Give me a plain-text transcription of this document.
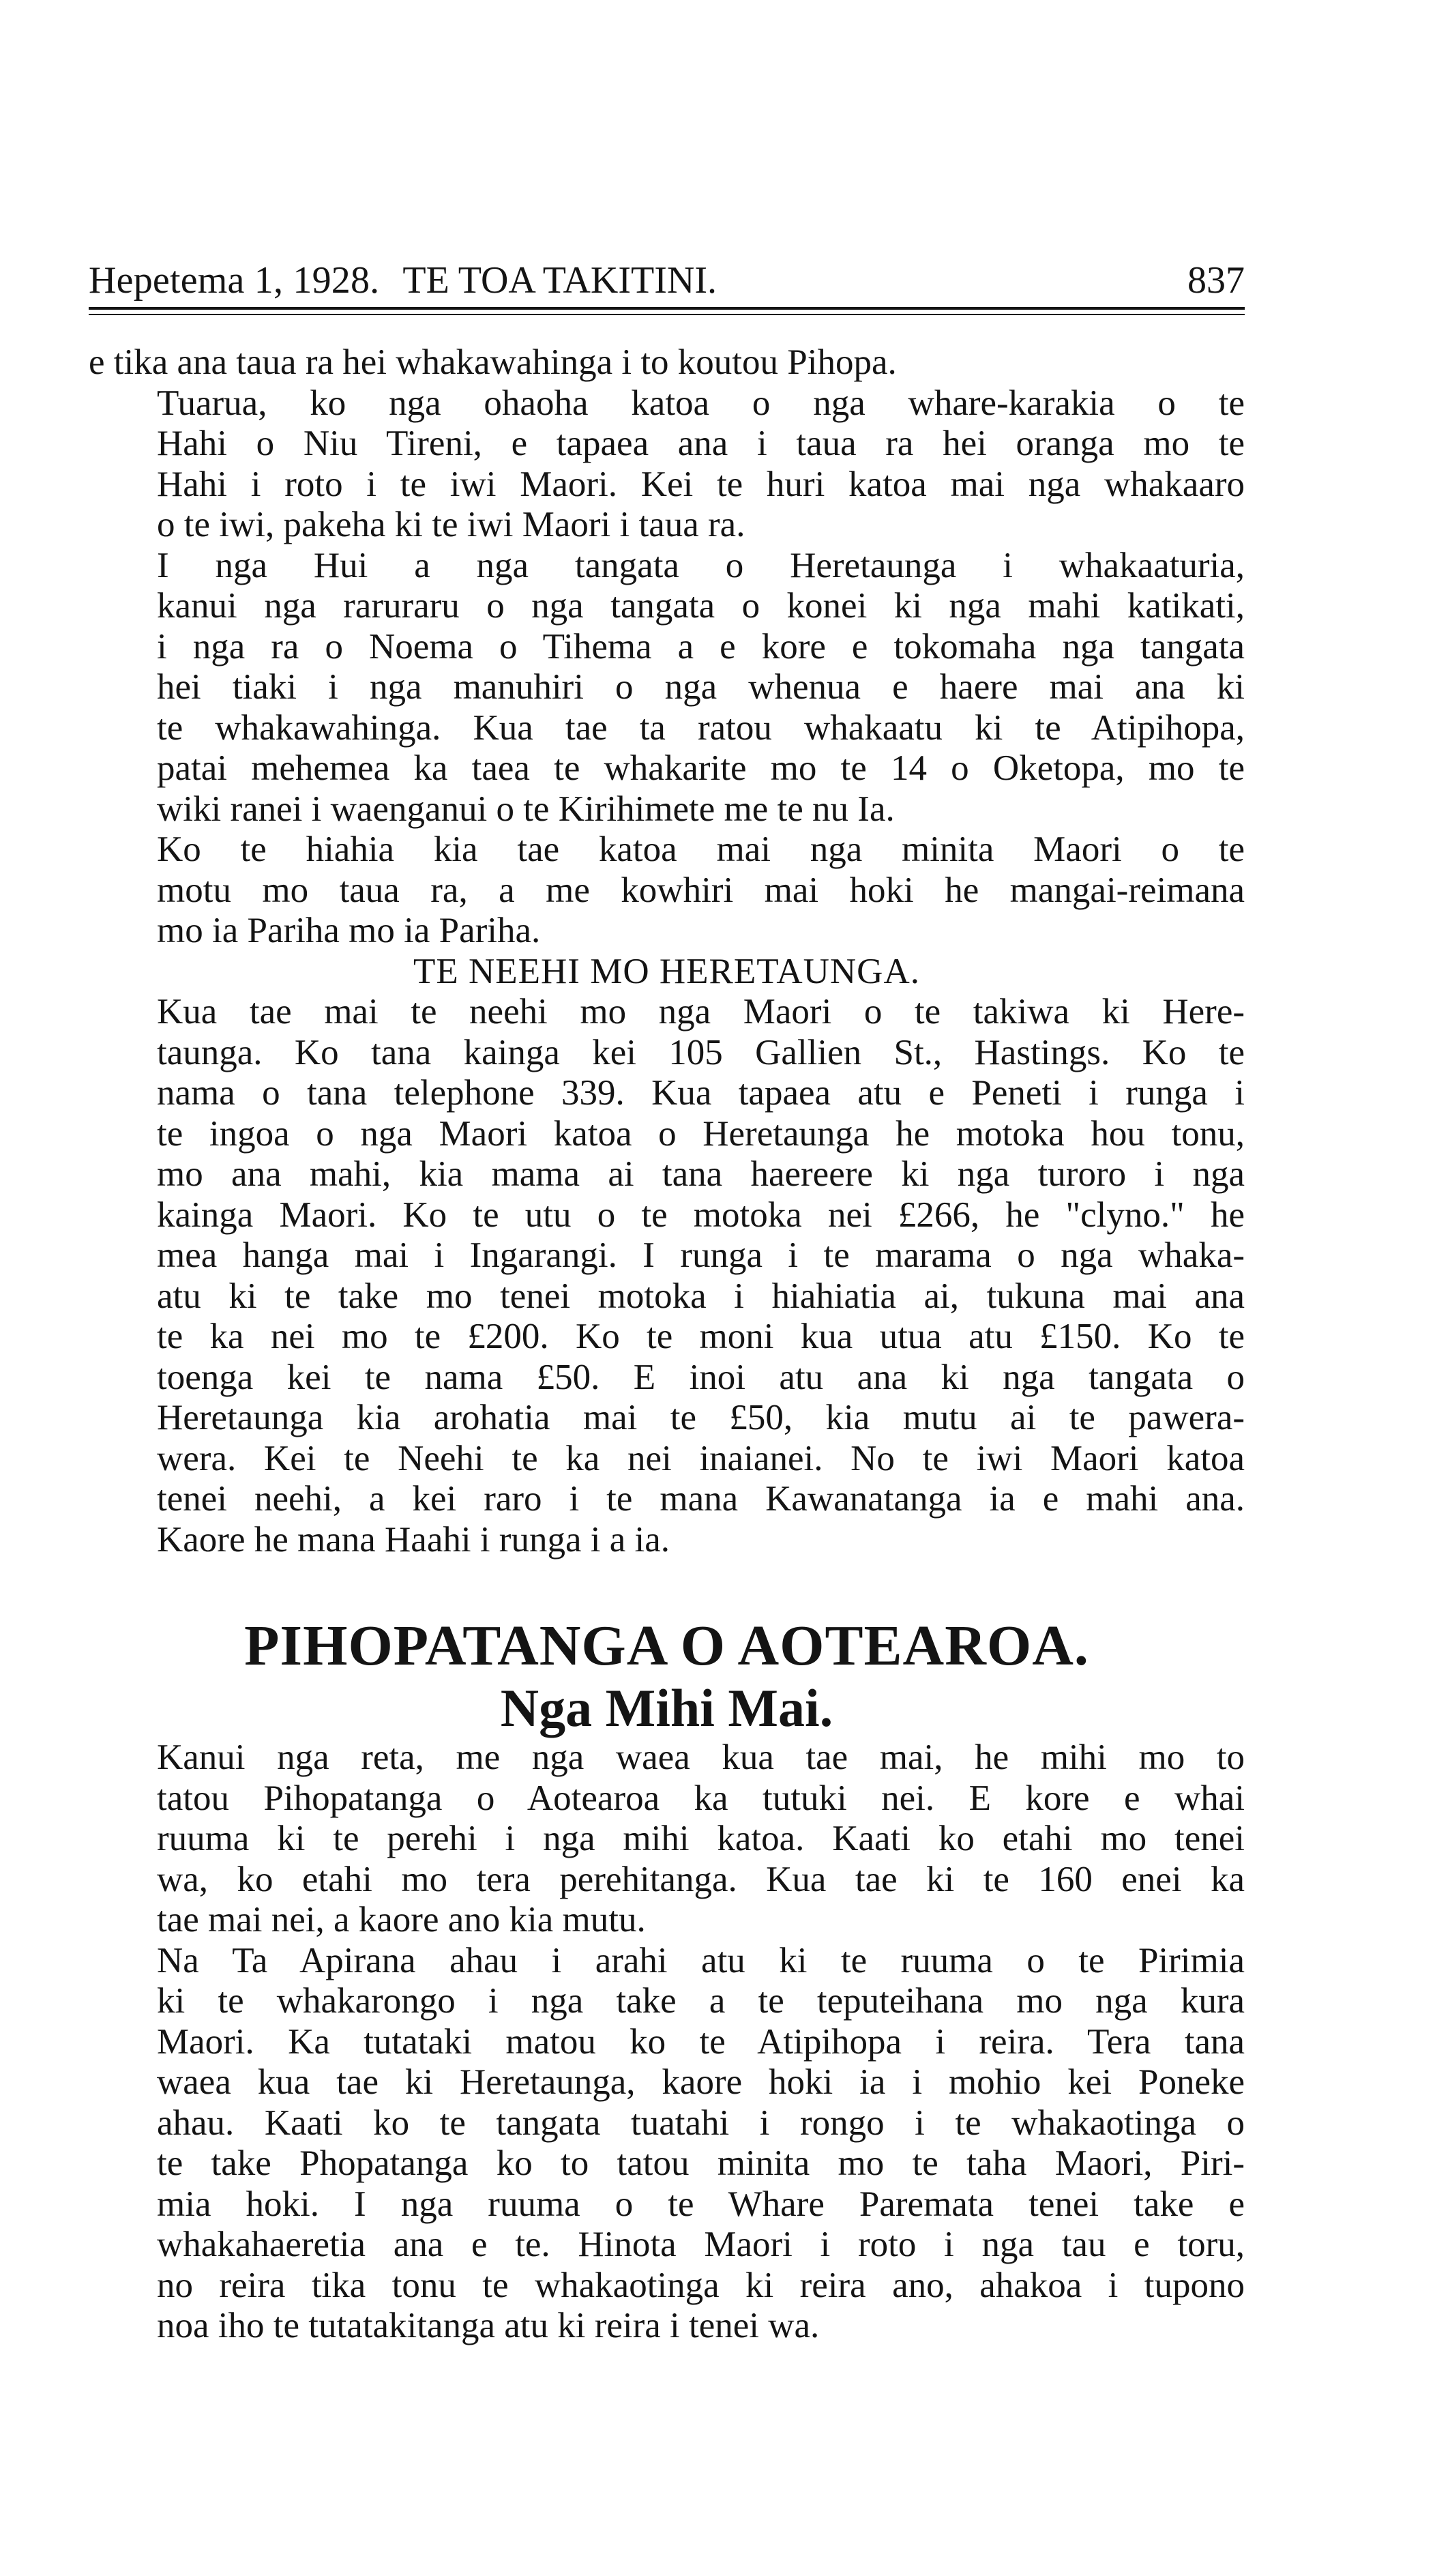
Hepetema 1, 1928. TE TOA TAKITINI.	837

e tika ana taua ra hei whakawahinga i to koutou Pihopa.

Tuarua, ko nga ohaoha katoa o nga whare-karakia o te
Hahi o Niu Tireni, e tapaea ana i taua ra hei oranga mo te
Hahi i roto i te iwi Maori. Kei te huri katoa mai nga whakaaro
o te iwi, pakeha ki te iwi Maori i taua ra.

I nga Hui a nga tangata o Heretaunga i whakaaturia,
kanui nga raruraru o nga tangata o konei ki nga mahi katikati,
i nga ra o Noema o Tihema a e kore e tokomaha nga tangata
hei tiaki i nga manuhiri o nga whenua e haere mai ana ki
te whakawahinga. Kua tae ta ratou whakaatu ki te Atipihopa,
patai mehemea ka taea te whakarite mo te 14 o Oketopa, mo te
wiki ranei i waenganui o te Kirihimete me te nu Ia.

Ko te hiahia kia tae katoa mai nga minita Maori o te
motu mo taua ra, a me kowhiri mai hoki he mangai-reimana
mo ia Pariha mo ia Pariha.

TE NEEHI MO HERETAUNGA.

Kua tae mai te neehi mo nga Maori o te takiwa ki Here-
taunga. Ko tana kainga kei 105 Gallien St., Hastings. Ko te
nama o tana telephone 339. Kua tapaea atu e Peneti i runga i
te ingoa o nga Maori katoa o Heretaunga he motoka hou tonu,
mo ana mahi, kia mama ai tana haereere ki nga turoro i nga
kainga Maori. Ko te utu o te motoka nei £266, he "clyno." he
mea hanga mai i Ingarangi. I runga i te marama o nga whaka-
atu ki te take mo tenei motoka i hiahiatia ai, tukuna mai ana
te ka nei mo te £200. Ko te moni kua utua atu £150. Ko te
toenga kei te nama £50. E inoi atu ana ki nga tangata o
Heretaunga kia arohatia mai te £50, kia mutu ai te pawera-
wera. Kei te Neehi te ka nei inaianei. No te iwi Maori katoa
tenei neehi, a kei raro i te mana Kawanatanga ia e mahi ana.
Kaore he mana Haahi i runga i a ia.

PIHOPATANGA O AOTEAROA.
Nga Mihi Mai.

Kanui nga reta, me nga waea kua tae mai, he mihi mo to
tatou Pihopatanga o Aotearoa ka tutuki nei. E kore e whai
ruuma ki te perehi i nga mihi katoa. Kaati ko etahi mo tenei
wa, ko etahi mo tera perehitanga. Kua tae ki te 160 enei ka
tae mai nei, a kaore ano kia mutu.

Na Ta Apirana ahau i arahi atu ki te ruuma o te Pirimia
ki te whakarongo i nga take a te teputeihana mo nga kura
Maori. Ka tutataki matou ko te Atipihopa i reira. Tera tana
waea kua tae ki Heretaunga, kaore hoki ia i mohio kei Poneke
ahau. Kaati ko te tangata tuatahi i rongo i te whakaotinga o
te take Phopatanga ko to tatou minita mo te taha Maori, Piri-
mia hoki. I nga ruuma o te Whare Paremata tenei take e
whakahaeretia ana e te. Hinota Maori i roto i nga tau e toru,
no reira tika tonu te whakaotinga ki reira ano, ahakoa i tupono
noa iho te tutatakitanga atu ki reira i tenei wa.
